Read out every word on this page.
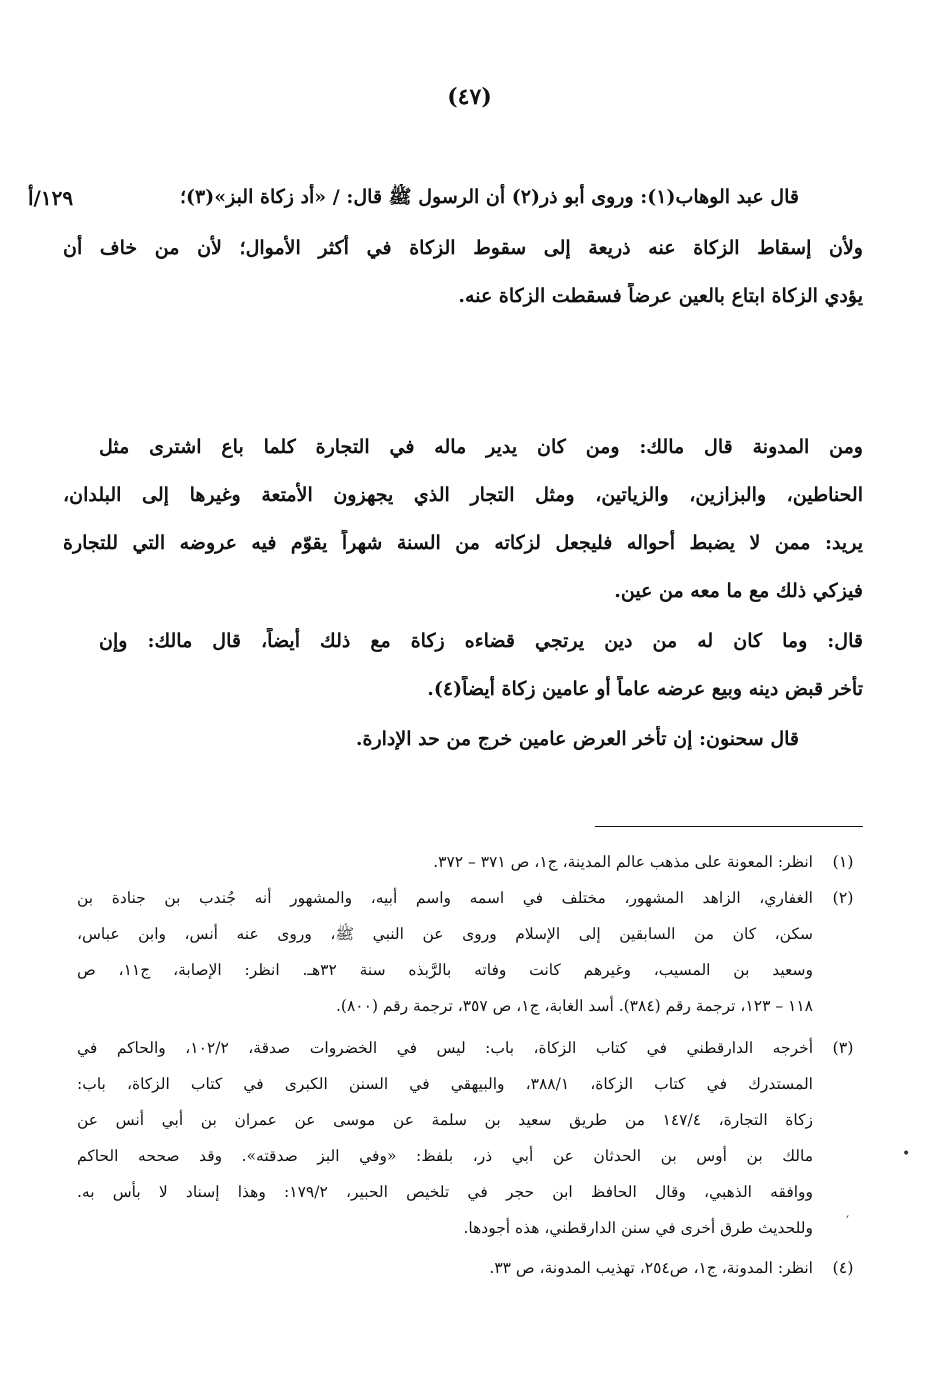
(٤٧)
١٢٩/أ	قال عبد الوهاب(١): وروى أبو ذر(٢) أن الرسول ﷺ قال: / «أد زكاة البز»(٣)؛
ولأن إسقاط الزكاة عنه ذريعة إلى سقوط الزكاة في أكثر الأموال؛ لأن من خاف أن
يؤدي الزكاة ابتاع بالعين عرضاً فسقطت الزكاة عنه.
ومن المدونة قال مالك: ومن كان يدير ماله في التجارة كلما باع اشترى مثل
الحناطين، والبزازين، والزياتين، ومثل التجار الذي يجهزون الأمتعة وغيرها إلى البلدان،
يريد: ممن لا يضبط أحواله فليجعل لزكاته من السنة شهراً يقوّم فيه عروضه التي للتجارة
فيزكي ذلك مع ما معه من عين.
قال: وما كان له من دين يرتجي قضاءه زكاة مع ذلك أيضاً، قال مالك: وإن
تأخر قبض دينه وبيع عرضه عاماً أو عامين زكاة أيضاً(٤).
قال سحنون: إن تأخر العرض عامين خرج من حد الإدارة.
(١)
انظر: المعونة على مذهب عالم المدينة، ج١، ص ٣٧١ – ٣٧٢.
(٢)
الغفاري، الزاهد المشهور، مختلف في اسمه واسم أبيه، والمشهور أنه جُندب بن جنادة بن
سكن، كان من السابقين إلى الإسلام وروى عن النبي ﷺ، وروى عنه أنس، وابن عباس،
وسعيد بن المسيب، وغيرهم كانت وفاته بالرَّبذه سنة ٣٢هـ. انظر: الإصابة، ج١١، ص
١١٨ – ١٢٣، ترجمة رقم (٣٨٤). أسد الغابة، ج١، ص ٣٥٧، ترجمة رقم (٨٠٠).
(٣)
أخرجه الدارقطني في كتاب الزكاة، باب: ليس في الخضروات صدقة، ١٠٢/٢، والحاكم في
المستدرك في كتاب الزكاة، ٣٨٨/١، والبيهقي في السنن الكبرى في كتاب الزكاة، باب:
زكاة التجارة، ١٤٧/٤ من طريق سعيد بن سلمة عن موسى عن عمران بن أبي أنس عن
مالك بن أوس بن الحدثان عن أبي ذر، بلفظ: «وفي البز صدقته». وقد صححه الحاكم
ووافقه الذهبي، وقال الحافظ ابن حجر في تلخيص الحبير، ١٧٩/٢: وهذا إسناد لا بأس به.
وللحديث طرق أخرى في سنن الدارقطني، هذه أجودها.
(٤)
انظر: المدونة، ج١، ص٢٥٤، تهذيب المدونة، ص ٣٣.
•
′
